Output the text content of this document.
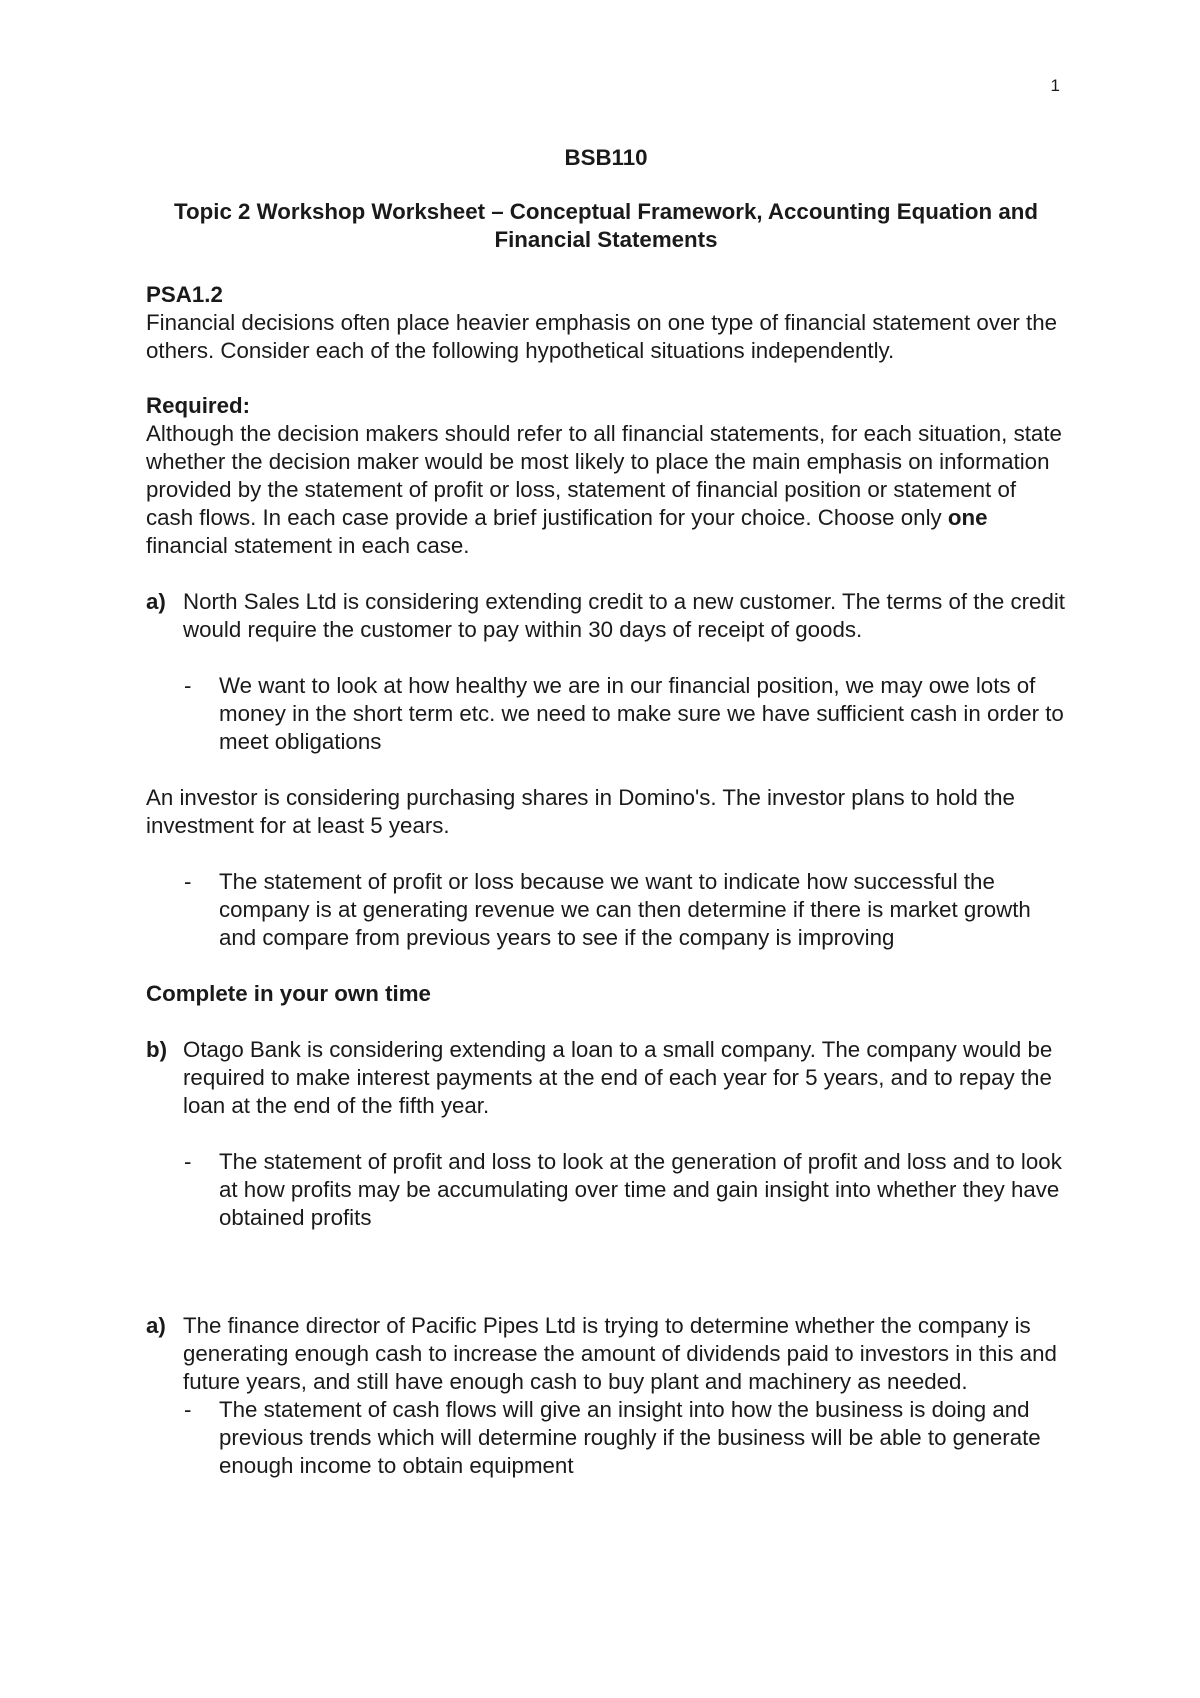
1

BSB110

Topic 2 Workshop Worksheet – Conceptual Framework, Accounting Equation and Financial Statements

PSA1.2

Financial decisions often place heavier emphasis on one type of financial statement over the others. Consider each of the following hypothetical situations independently.

Required:

Although the decision makers should refer to all financial statements, for each situation, state whether the decision maker would be most likely to place the main emphasis on information provided by the statement of profit or loss, statement of financial position or statement of cash flows. In each case provide a brief justification for your choice. Choose only one financial statement in each case.

a) North Sales Ltd is considering extending credit to a new customer. The terms of the credit would require the customer to pay within 30 days of receipt of goods.
- We want to look at how healthy we are in our financial position, we may owe lots of money in the short term etc. we need to make sure we have sufficient cash in order to meet obligations

An investor is considering purchasing shares in Domino's. The investor plans to hold the investment for at least 5 years.

- The statement of profit or loss because we want to indicate how successful the company is at generating revenue we can then determine if there is market growth and compare from previous years to see if the company is improving

Complete in your own time

b) Otago Bank is considering extending a loan to a small company. The company would be required to make interest payments at the end of each year for 5 years, and to repay the loan at the end of the fifth year.
- The statement of profit and loss to look at the generation of profit and loss and to look at how profits may be accumulating over time and gain insight into whether they have obtained profits
a) The finance director of Pacific Pipes Ltd is trying to determine whether the company is generating enough cash to increase the amount of dividends paid to investors in this and future years, and still have enough cash to buy plant and machinery as needed.
- The statement of cash flows will give an insight into how the business is doing and previous trends which will determine roughly if the business will be able to generate enough income to obtain equipment
